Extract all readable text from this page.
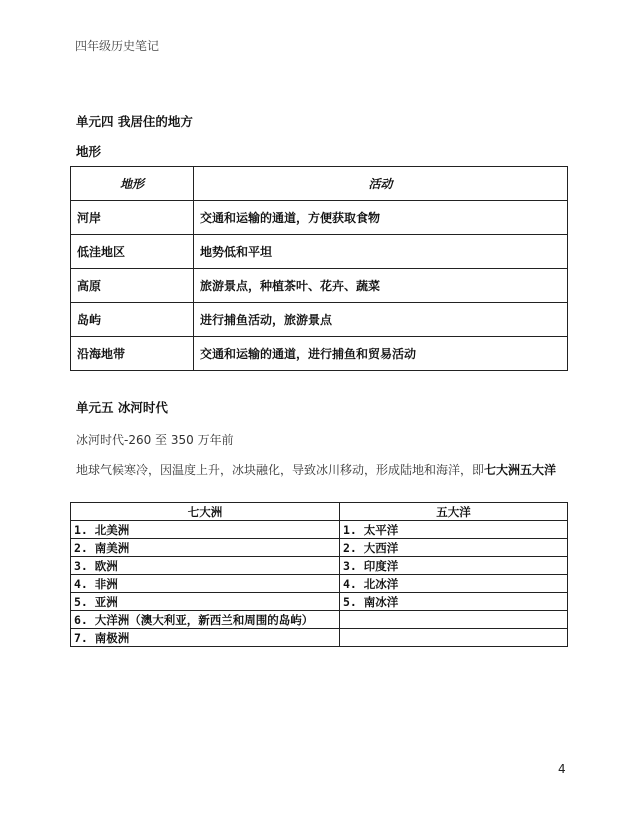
四年级历史笔记
单元四 我居住的地方
地形
地形	活动
河岸	交通和运输的通道，方便获取食物
低洼地区	地势低和平坦
高原	旅游景点，种植茶叶、花卉、蔬菜
岛屿	进行捕鱼活动，旅游景点
沿海地带	交通和运输的通道，进行捕鱼和贸易活动
单元五 冰河时代
冰河时代-260 至 350 万年前
地球气候寒冷，因温度上升，冰块融化，导致冰川移动，形成陆地和海洋，即七大洲五大洋
七大洲	五大洋
1. 北美洲	1. 太平洋
2. 南美洲	2. 大西洋
3. 欧洲	3. 印度洋
4. 非洲	4. 北冰洋
5. 亚洲	5. 南冰洋
6. 大洋洲（澳大利亚，新西兰和周围的岛屿）	
7. 南极洲	
4
